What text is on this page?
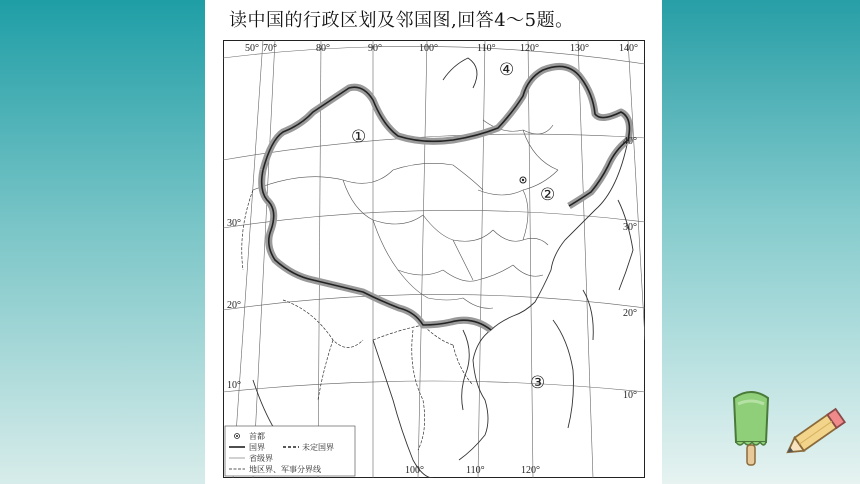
读中国的行政区划及邻国图,回答4～5题。
①
②
③
④
50° 70°	80°	90°	100°	110° 120°	130°	140°
100°	110°	120°
40°
30°
20°
10°
30°
20°
10°
首都
国界	未定国界
省级界
地区界、军事分界线
